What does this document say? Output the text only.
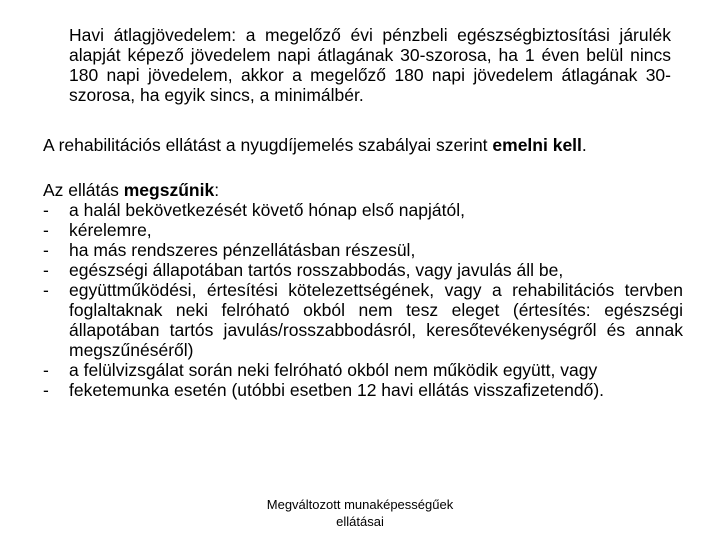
Havi átlagjövedelem: a megelőző évi pénzbeli egészségbiztosítási járulék alapját képező jövedelem napi átlagának 30-szorosa, ha 1 éven belül nincs 180 napi jövedelem, akkor a megelőző 180 napi jövedelem átlagának 30-szorosa, ha egyik sincs, a minimálbér.

A rehabilitációs ellátást a nyugdíjemelés szabályai szerint emelni kell.

Az ellátás megszűnik:

-	a halál bekövetkezését követő hónap első napjától,
-	kérelemre,
-	ha más rendszeres pénzellátásban részesül,
-	egészségi állapotában tartós rosszabbodás, vagy javulás áll be,
-	együttműködési, értesítési kötelezettségének, vagy a rehabilitációs tervben foglaltaknak neki felróható okból nem tesz eleget (értesítés: egészségi állapotában tartós javulás/rosszabbodásról, keresőtevékenységről és annak megszűnéséről)
-	a felülvizsgálat során neki felróható okból nem működik együtt, vagy
-	feketemunka esetén (utóbbi esetben 12 havi ellátás visszafizetendő).
Megváltozott munaképességűek
ellátásai
